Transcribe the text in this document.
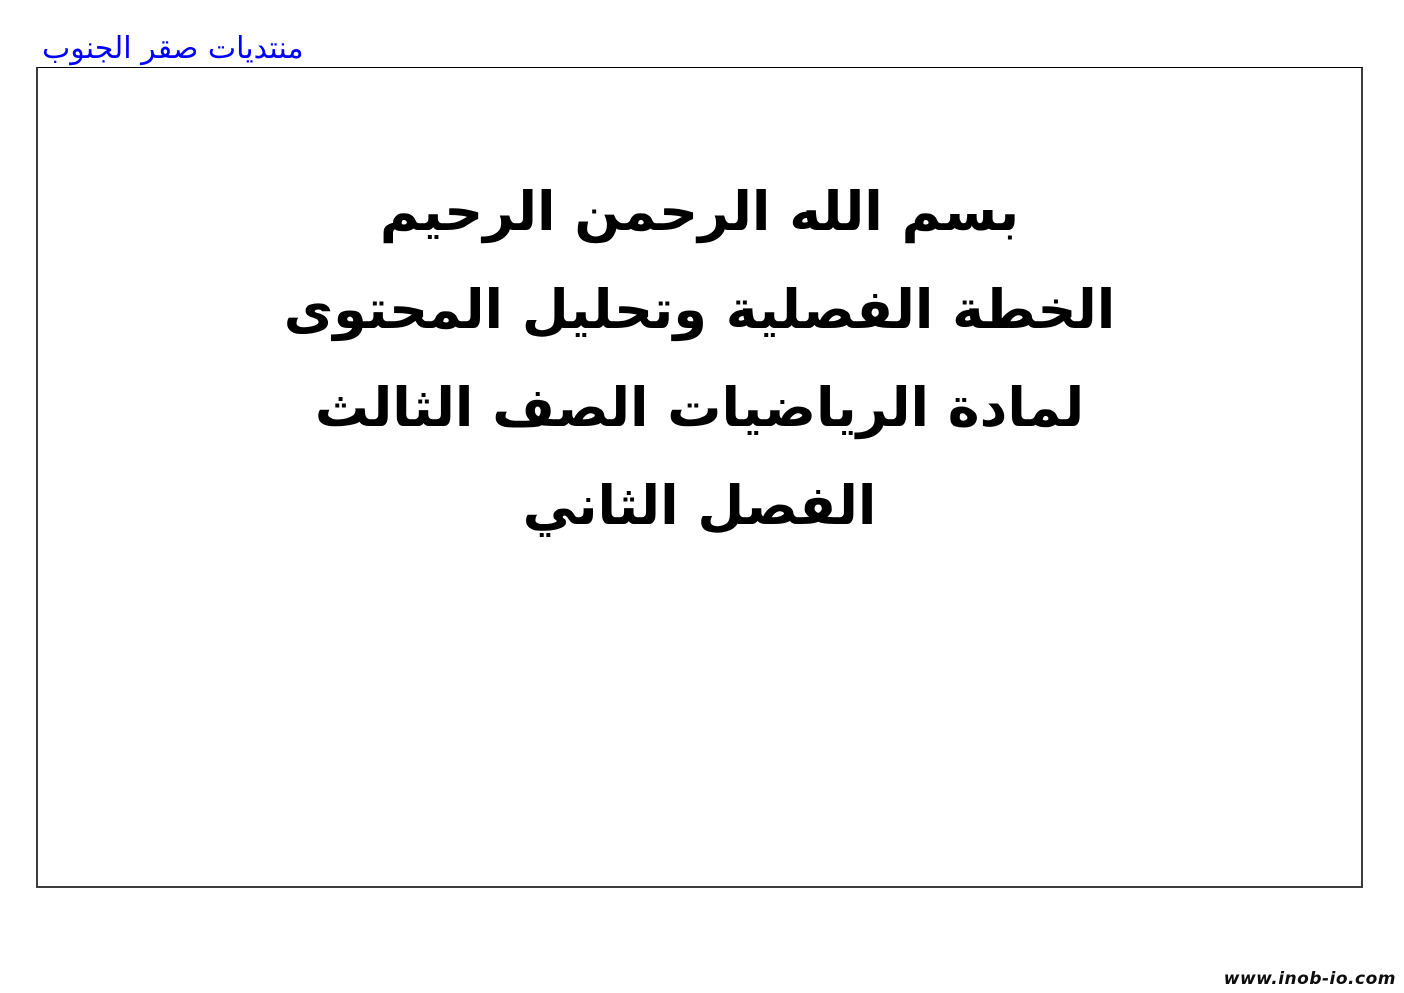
منتديات صقر الجنوب
بسم الله الرحمن الرحيم
الخطة الفصلية وتحليل المحتوى
لمادة الرياضيات الصف الثالث
الفصل الثاني
www.inob-io.com
